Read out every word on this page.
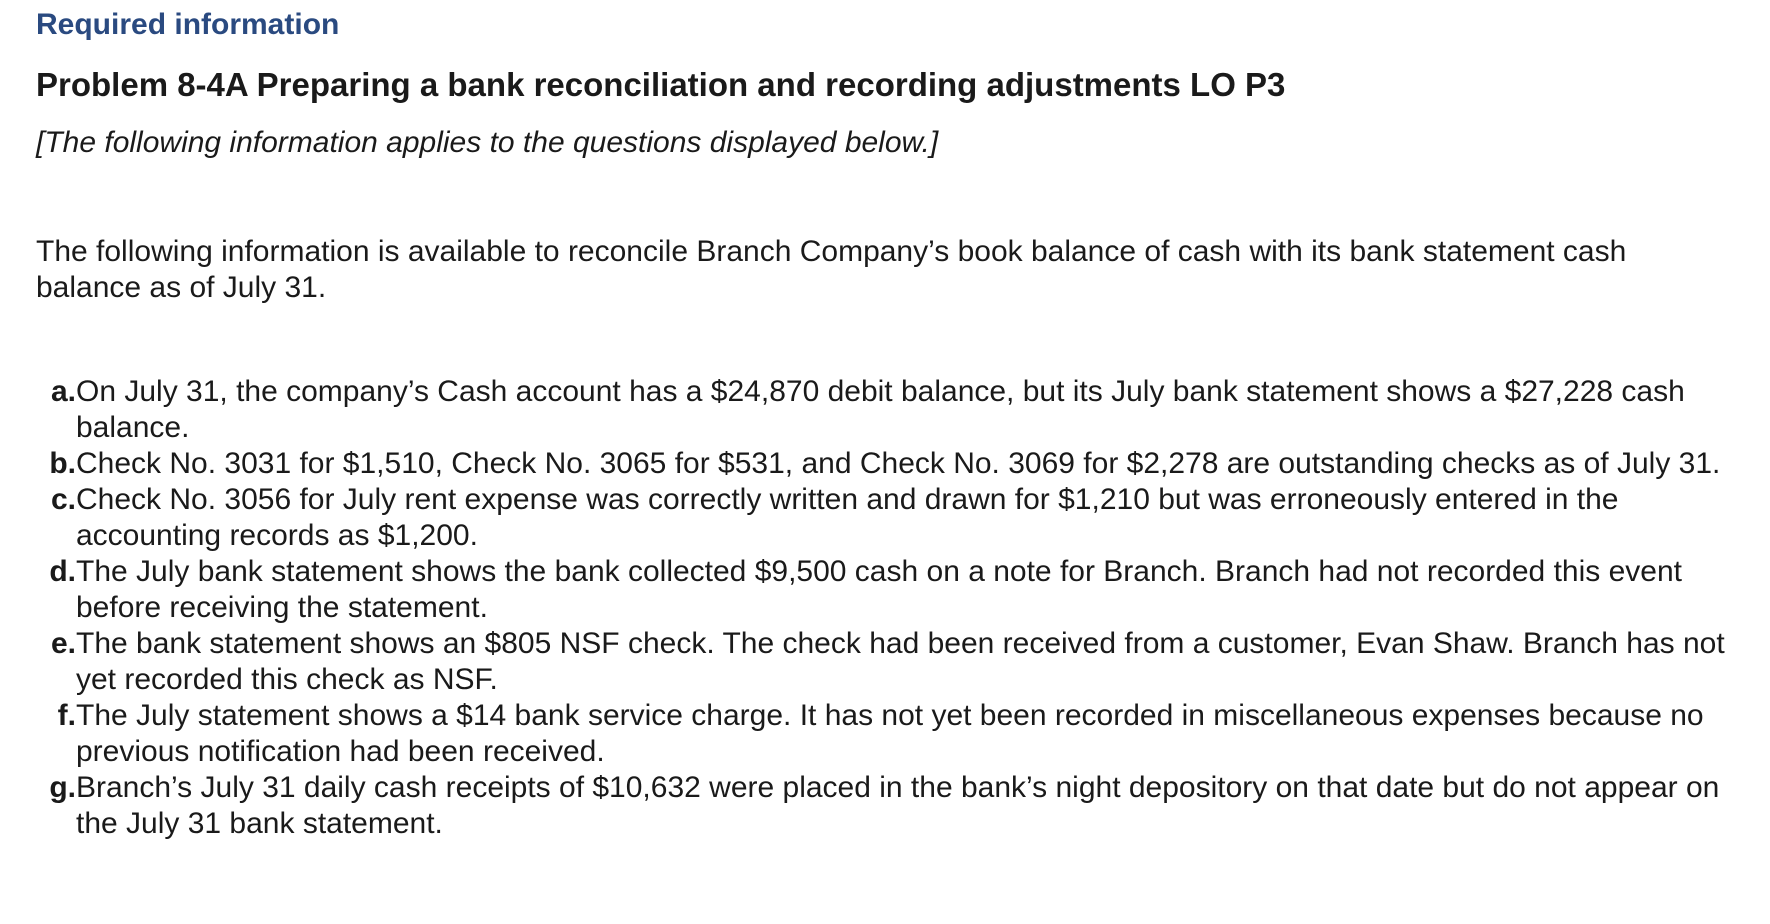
Required information
Problem 8-4A Preparing a bank reconciliation and recording adjustments LO P3

[The following information applies to the questions displayed below.]

The following information is available to reconcile Branch Company’s book balance of cash with its bank statement cash balance as of July 31.

a. On July 31, the company’s Cash account has a $24,870 debit balance, but its July bank statement shows a $27,228 cash balance.
b. Check No. 3031 for $1,510, Check No. 3065 for $531, and Check No. 3069 for $2,278 are outstanding checks as of July 31.
c. Check No. 3056 for July rent expense was correctly written and drawn for $1,210 but was erroneously entered in the accounting records as $1,200.
d. The July bank statement shows the bank collected $9,500 cash on a note for Branch. Branch had not recorded this event before receiving the statement.
e. The bank statement shows an $805 NSF check. The check had been received from a customer, Evan Shaw. Branch has not yet recorded this check as NSF.
f. The July statement shows a $14 bank service charge. It has not yet been recorded in miscellaneous expenses because no previous notification had been received.
g. Branch’s July 31 daily cash receipts of $10,632 were placed in the bank’s night depository on that date but do not appear on the July 31 bank statement.
